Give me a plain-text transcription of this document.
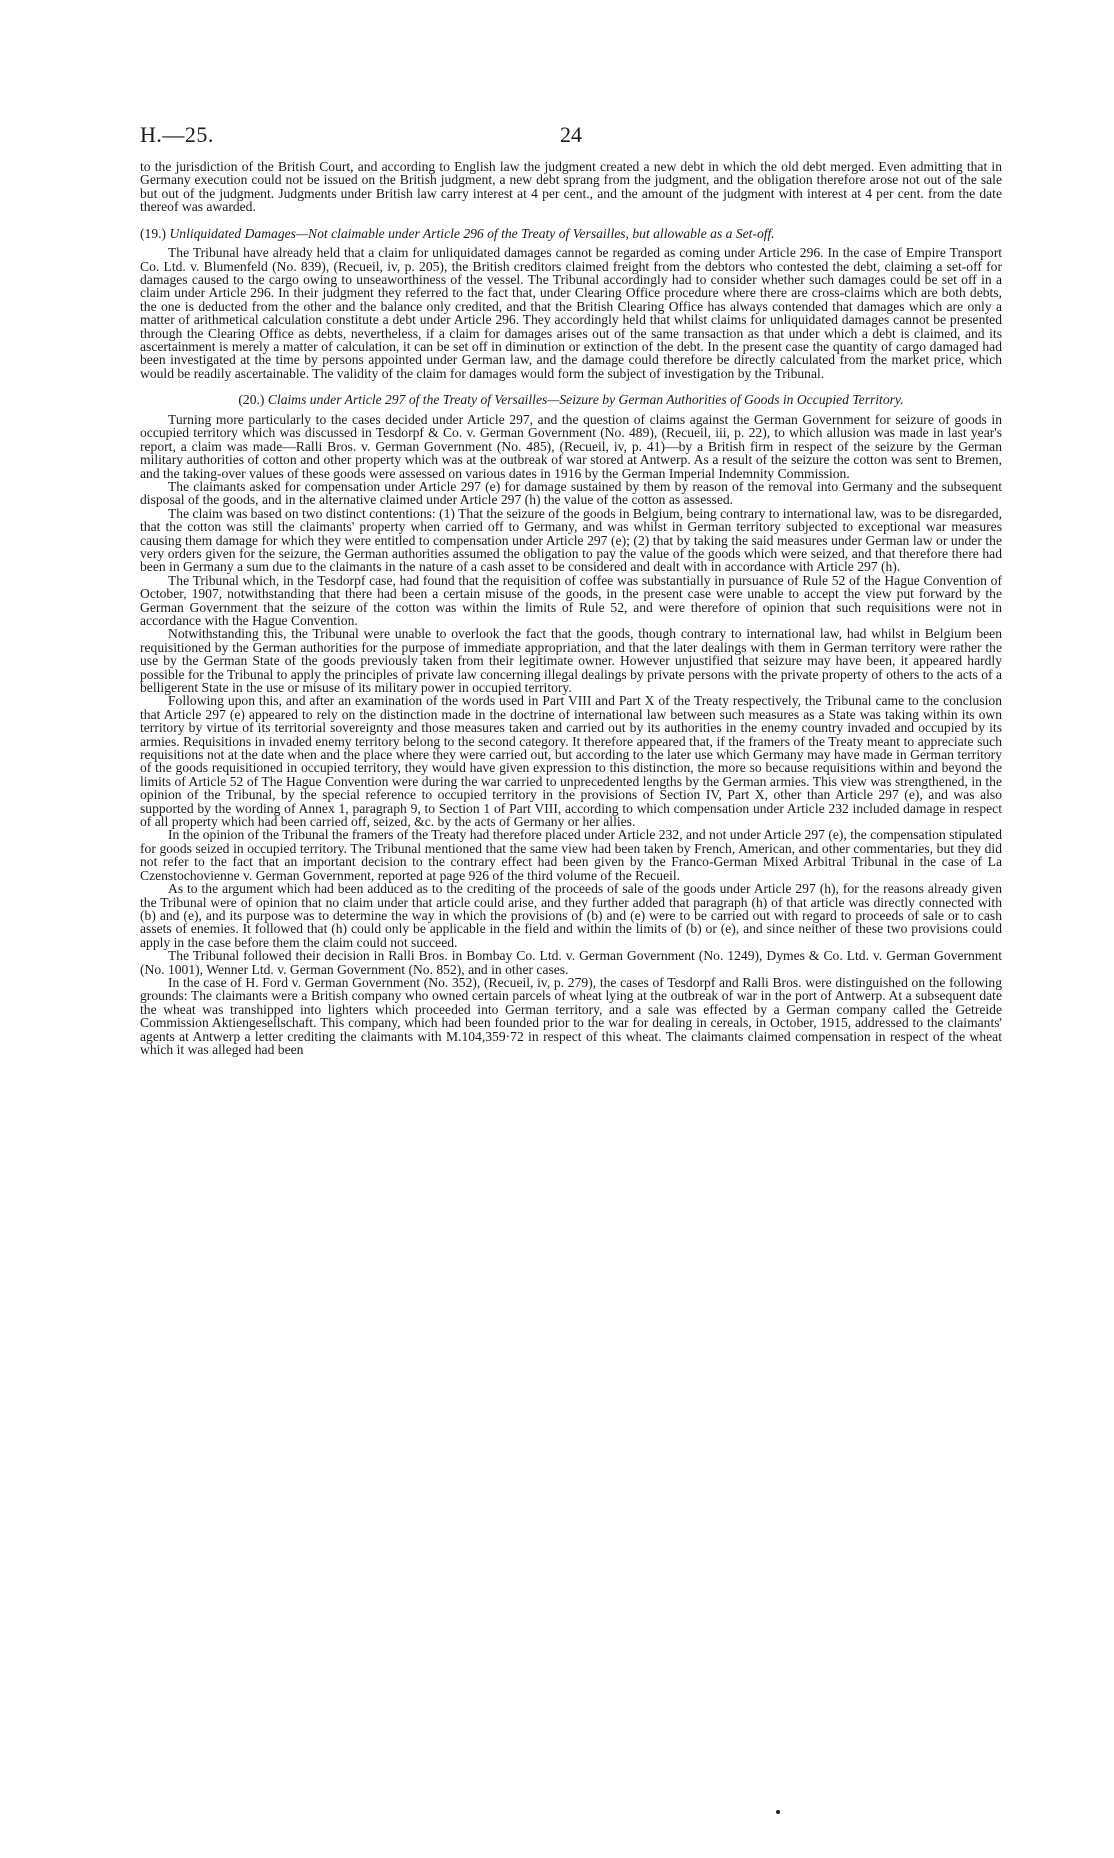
H.—25.	24

to the jurisdiction of the British Court, and according to English law the judgment created a new debt in which the old debt merged. Even admitting that in Germany execution could not be issued on the British judgment, a new debt sprang from the judgment, and the obligation therefore arose not out of the sale but out of the judgment. Judgments under British law carry interest at 4 per cent., and the amount of the judgment with interest at 4 per cent. from the date thereof was awarded.

(19.) Unliquidated Damages—Not claimable under Article 296 of the Treaty of Versailles, but allowable as a Set-off.

The Tribunal have already held that a claim for unliquidated damages cannot be regarded as coming under Article 296. In the case of Empire Transport Co. Ltd. v. Blumenfeld (No. 839), (Recueil, iv, p. 205), the British creditors claimed freight from the debtors who contested the debt, claiming a set-off for damages caused to the cargo owing to unseaworthiness of the vessel. The Tribunal accordingly had to consider whether such damages could be set off in a claim under Article 296. In their judgment they referred to the fact that, under Clearing Office procedure where there are cross-claims which are both debts, the one is deducted from the other and the balance only credited, and that the British Clearing Office has always contended that damages which are only a matter of arithmetical calculation constitute a debt under Article 296. They accordingly held that whilst claims for unliquidated damages cannot be presented through the Clearing Office as debts, nevertheless, if a claim for damages arises out of the same transaction as that under which a debt is claimed, and its ascertainment is merely a matter of calculation, it can be set off in diminution or extinction of the debt. In the present case the quantity of cargo damaged had been investigated at the time by persons appointed under German law, and the damage could therefore be directly calculated from the market price, which would be readily ascertainable. The validity of the claim for damages would form the subject of investigation by the Tribunal.

(20.) Claims under Article 297 of the Treaty of Versailles—Seizure by German Authorities of Goods in Occupied Territory.

Turning more particularly to the cases decided under Article 297, and the question of claims against the German Government for seizure of goods in occupied territory which was discussed in Tesdorpf & Co. v. German Government (No. 489), (Recueil, iii, p. 22), to which allusion was made in last year's report, a claim was made—Ralli Bros. v. German Government (No. 485), (Recueil, iv, p. 41)—by a British firm in respect of the seizure by the German military authorities of cotton and other property which was at the outbreak of war stored at Antwerp. As a result of the seizure the cotton was sent to Bremen, and the taking-over values of these goods were assessed on various dates in 1916 by the German Imperial Indemnity Commission.

The claimants asked for compensation under Article 297 (e) for damage sustained by them by reason of the removal into Germany and the subsequent disposal of the goods, and in the alternative claimed under Article 297 (h) the value of the cotton as assessed.

The claim was based on two distinct contentions: (1) That the seizure of the goods in Belgium, being contrary to international law, was to be disregarded, that the cotton was still the claimants' property when carried off to Germany, and was whilst in German territory subjected to exceptional war measures causing them damage for which they were entitled to compensation under Article 297 (e); (2) that by taking the said measures under German law or under the very orders given for the seizure, the German authorities assumed the obligation to pay the value of the goods which were seized, and that therefore there had been in Germany a sum due to the claimants in the nature of a cash asset to be considered and dealt with in accordance with Article 297 (h).

The Tribunal which, in the Tesdorpf case, had found that the requisition of coffee was substantially in pursuance of Rule 52 of the Hague Convention of October, 1907, notwithstanding that there had been a certain misuse of the goods, in the present case were unable to accept the view put forward by the German Government that the seizure of the cotton was within the limits of Rule 52, and were therefore of opinion that such requisitions were not in accordance with the Hague Convention.

Notwithstanding this, the Tribunal were unable to overlook the fact that the goods, though contrary to international law, had whilst in Belgium been requisitioned by the German authorities for the purpose of immediate appropriation, and that the later dealings with them in German territory were rather the use by the German State of the goods previously taken from their legitimate owner. However unjustified that seizure may have been, it appeared hardly possible for the Tribunal to apply the principles of private law concerning illegal dealings by private persons with the private property of others to the acts of a belligerent State in the use or misuse of its military power in occupied territory.

Following upon this, and after an examination of the words used in Part VIII and Part X of the Treaty respectively, the Tribunal came to the conclusion that Article 297 (e) appeared to rely on the distinction made in the doctrine of international law between such measures as a State was taking within its own territory by virtue of its territorial sovereignty and those measures taken and carried out by its authorities in the enemy country invaded and occupied by its armies. Requisitions in invaded enemy territory belong to the second category. It therefore appeared that, if the framers of the Treaty meant to appreciate such requisitions not at the date when and the place where they were carried out, but according to the later use which Germany may have made in German territory of the goods requisitioned in occupied territory, they would have given expression to this distinction, the more so because requisitions within and beyond the limits of Article 52 of The Hague Convention were during the war carried to unprecedented lengths by the German armies. This view was strengthened, in the opinion of the Tribunal, by the special reference to occupied territory in the provisions of Section IV, Part X, other than Article 297 (e), and was also supported by the wording of Annex 1, paragraph 9, to Section 1 of Part VIII, according to which compensation under Article 232 included damage in respect of all property which had been carried off, seized, &c. by the acts of Germany or her allies.

In the opinion of the Tribunal the framers of the Treaty had therefore placed under Article 232, and not under Article 297 (e), the compensation stipulated for goods seized in occupied territory. The Tribunal mentioned that the same view had been taken by French, American, and other commentaries, but they did not refer to the fact that an important decision to the contrary effect had been given by the Franco-German Mixed Arbitral Tribunal in the case of La Czenstochovienne v. German Government, reported at page 926 of the third volume of the Recueil.

As to the argument which had been adduced as to the crediting of the proceeds of sale of the goods under Article 297 (h), for the reasons already given the Tribunal were of opinion that no claim under that article could arise, and they further added that paragraph (h) of that article was directly connected with (b) and (e), and its purpose was to determine the way in which the provisions of (b) and (e) were to be carried out with regard to proceeds of sale or to cash assets of enemies. It followed that (h) could only be applicable in the field and within the limits of (b) or (e), and since neither of these two provisions could apply in the case before them the claim could not succeed.

The Tribunal followed their decision in Ralli Bros. in Bombay Co. Ltd. v. German Government (No. 1249), Dymes & Co. Ltd. v. German Government (No. 1001), Wenner Ltd. v. German Government (No. 852), and in other cases.

In the case of H. Ford v. German Government (No. 352), (Recueil, iv, p. 279), the cases of Tesdorpf and Ralli Bros. were distinguished on the following grounds: The claimants were a British company who owned certain parcels of wheat lying at the outbreak of war in the port of Antwerp. At a subsequent date the wheat was transhipped into lighters which proceeded into German territory, and a sale was effected by a German company called the Getreide Commission Aktiengesellschaft. This company, which had been founded prior to the war for dealing in cereals, in October, 1915, addressed to the claimants' agents at Antwerp a letter crediting the claimants with M.104,359·72 in respect of this wheat. The claimants claimed compensation in respect of the wheat which it was alleged had been
